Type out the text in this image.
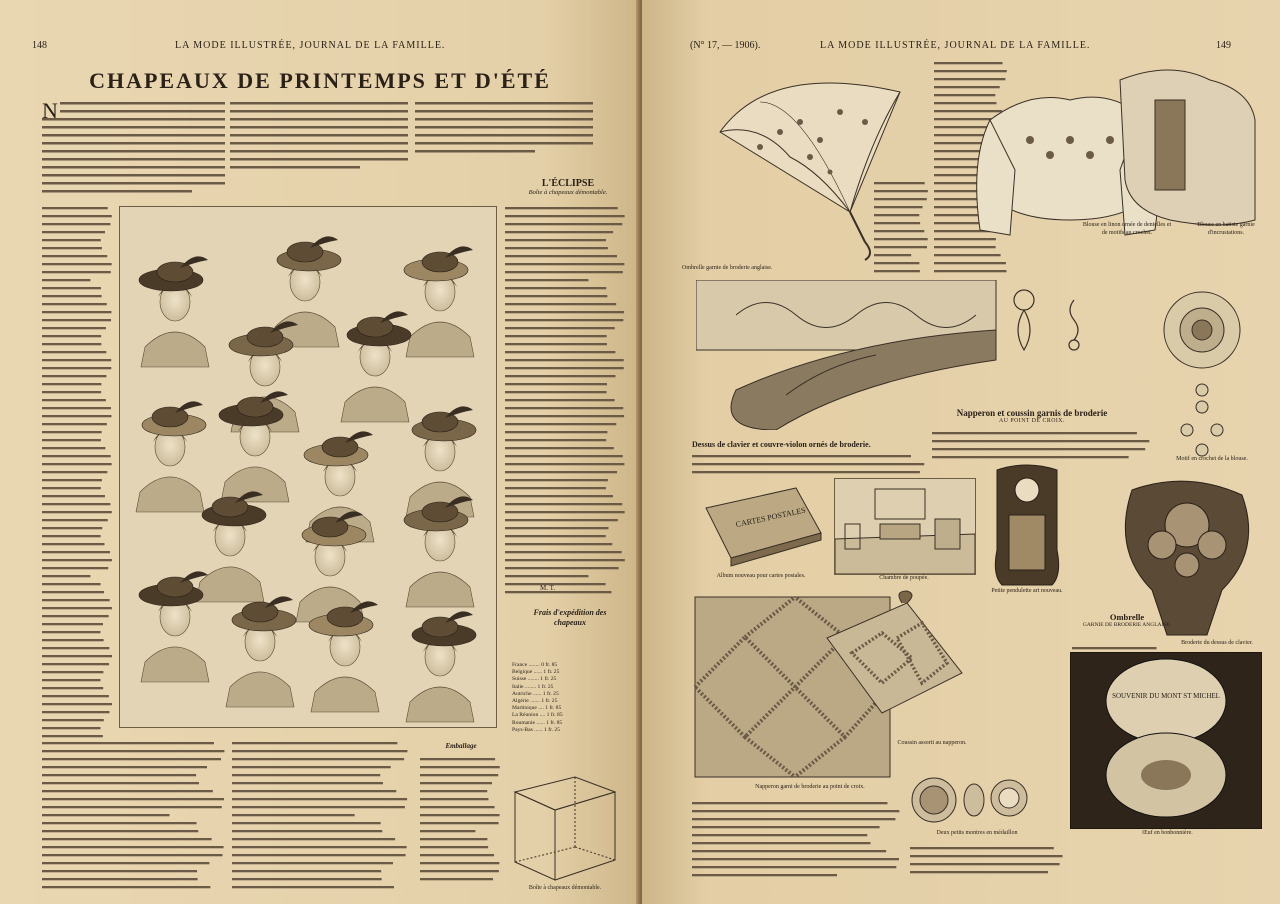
148	LA MODE ILLUSTRÉE, JOURNAL DE LA FAMILLE.
CHAPEAUX DE PRINTEMPS ET D'ÉTÉ
N
L'ÉCLIPSE
Boîte à chapeaux démontable.
M. T.
Frais d'expédition des chapeaux
France ........ 0 fr. 85
Belgique ...... 1 fr. 25
Suisse ........ 1 fr. 25
Italie ........ 1 fr. 25
Autriche ...... 1 fr. 25
Algérie ....... 1 fr. 25
Martinique .... 1 fr. 85
La Réunion .... 1 fr. 85
Roumanie ...... 1 fr. 85
Pays-Bas ...... 1 fr. 25
Emballage
Boîte à chapeaux démontable.
(N° 17, — 1906).	LA MODE ILLUSTRÉE, JOURNAL DE LA FAMILLE.	149
Ombrelle garnie de broderie anglaise.
Blouse en linon ornée de dentelles et de motifs au crochet.
Blouse en batiste garnie d'incrustations.
Napperon et coussin garnis de broderie
AU POINT DE CROIX.
Dessus de clavier et couvre-violon ornés de broderie.
CARTES POSTALES
Album nouveau pour cartes postales.	Chambre de poupée.
Petite pendulette art nouveau.
Motif en crochet de la blouse.
Ombrelle
GARNIE DE BRODERIE ANGLAISE.
Broderie du dessus de clavier.
Coussin assorti au napperon.
Napperon garni de broderie au point de croix.
Deux petits montres en médaillon
SOUVENIR DU MONT ST MICHEL
Œuf en bonbonnière.
